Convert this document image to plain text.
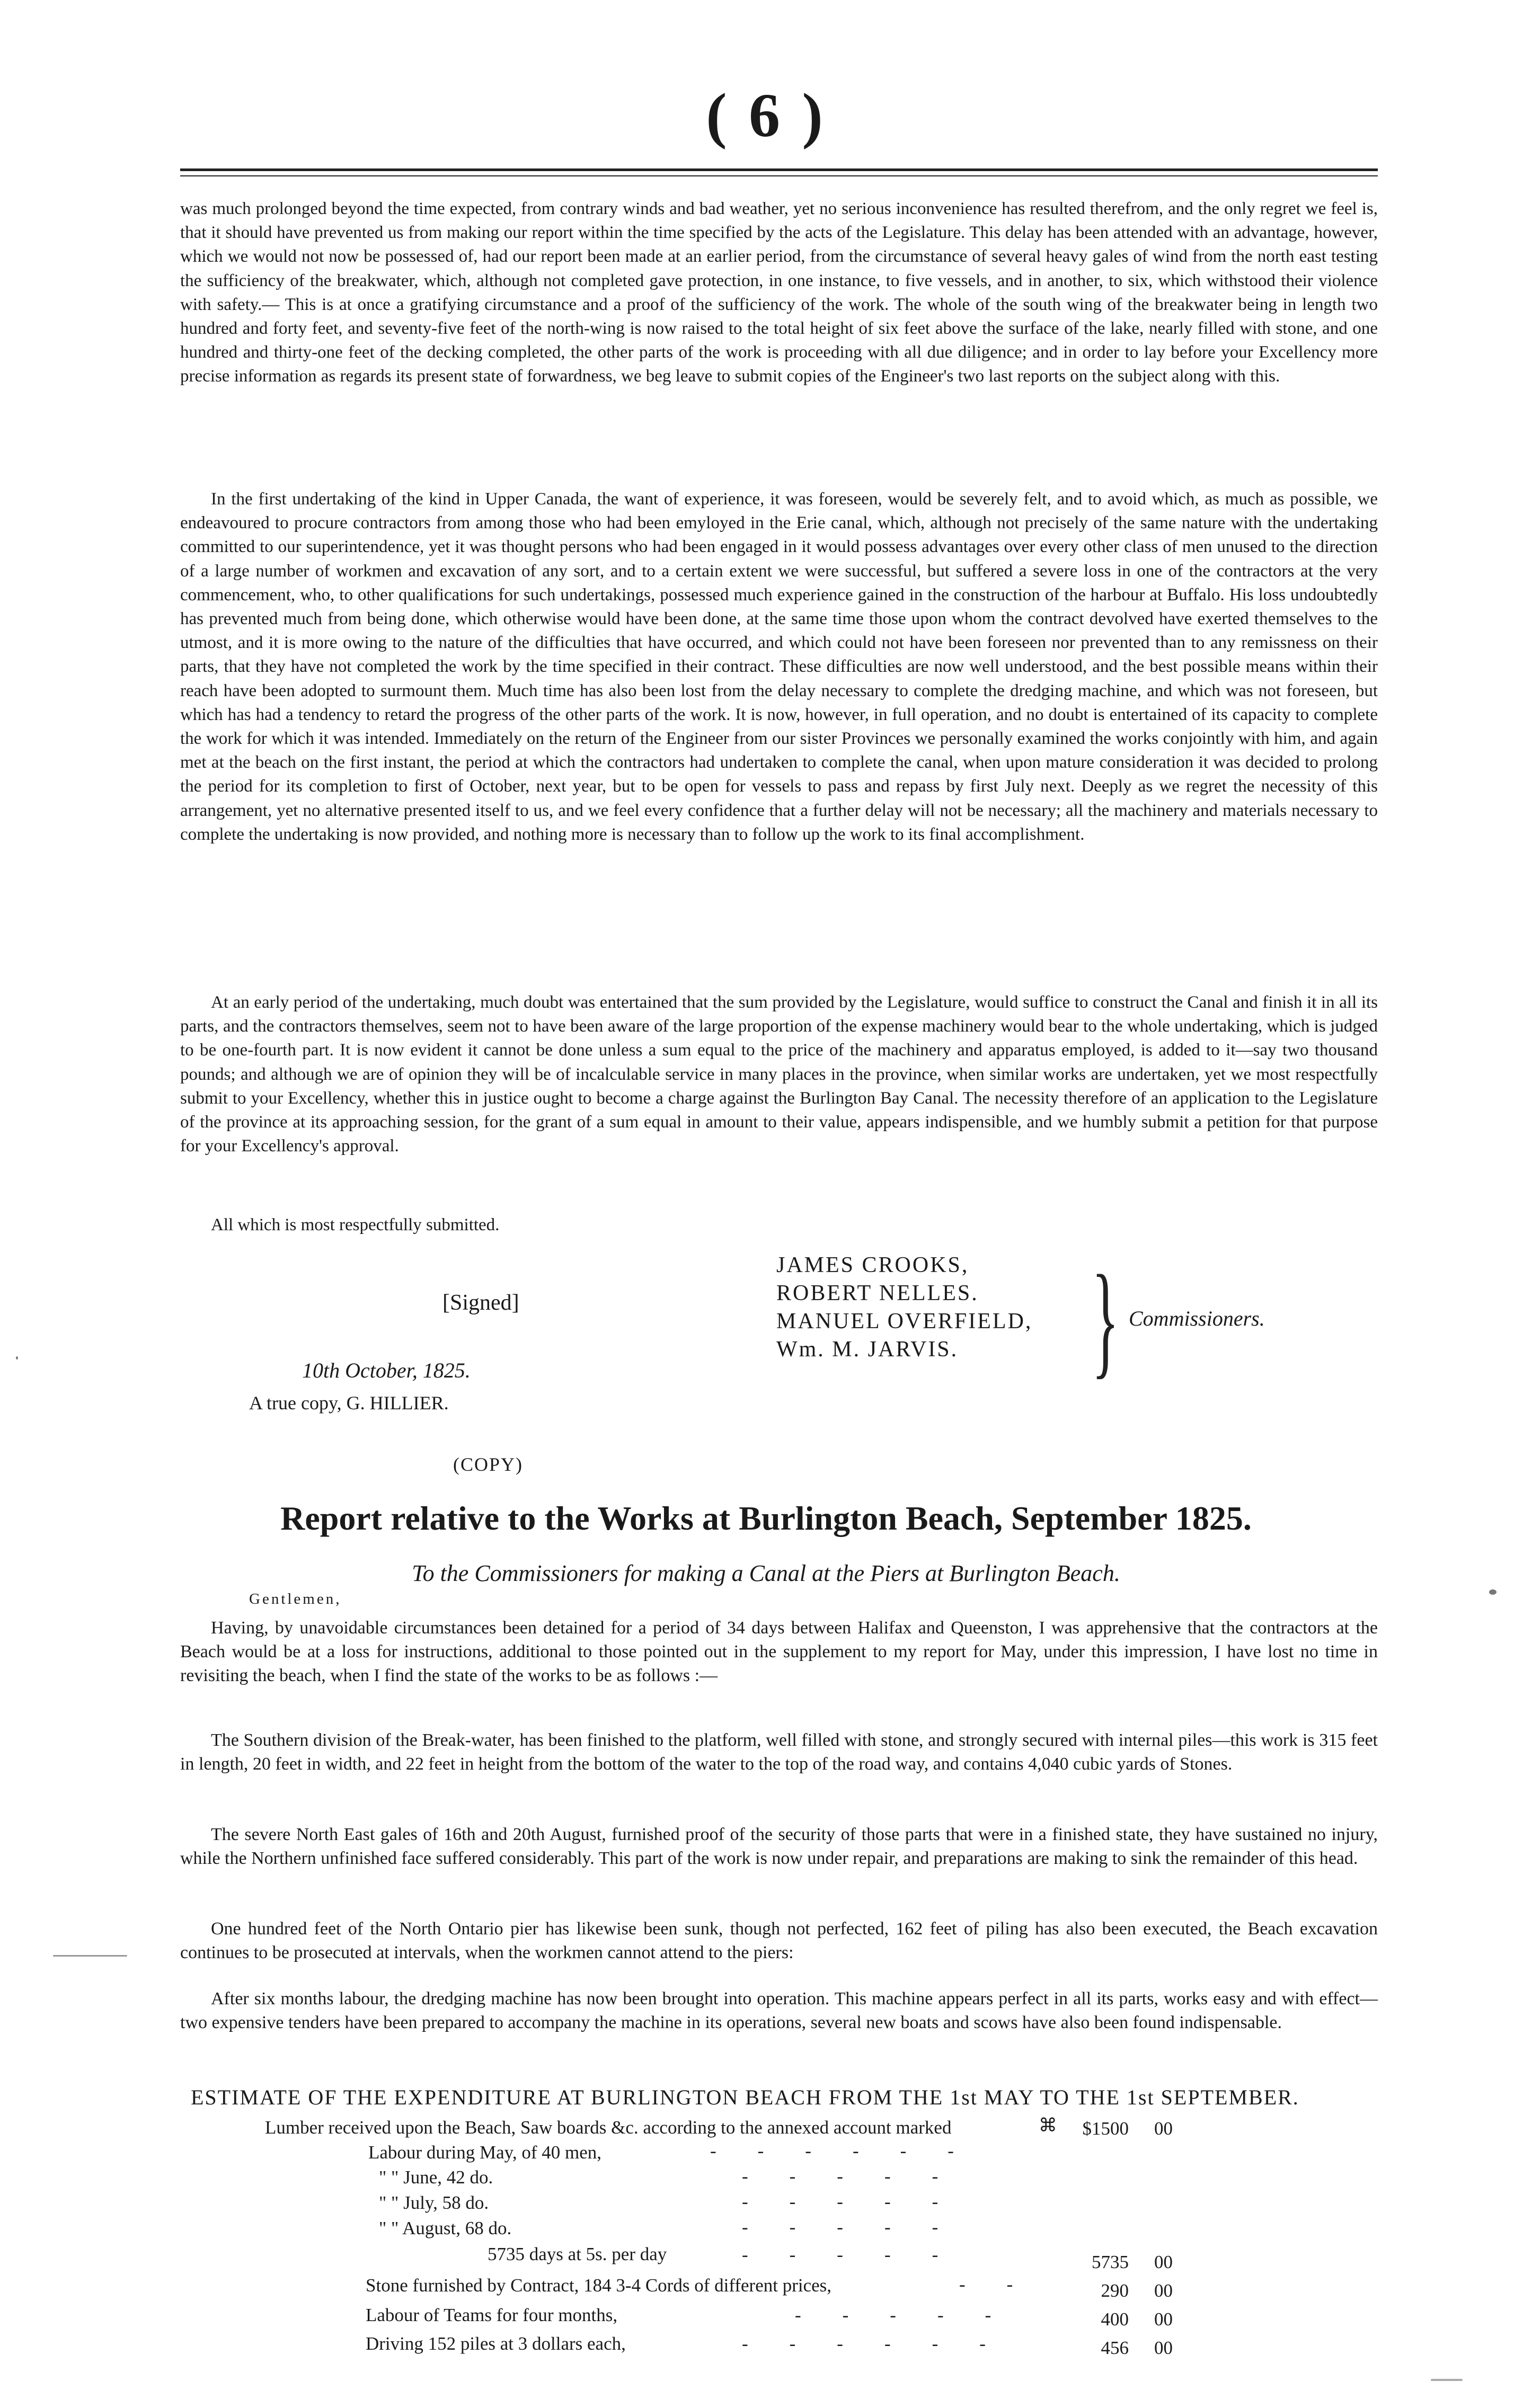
( 6 )

was much prolonged beyond the time expected, from contrary winds and bad weather, yet no serious inconvenience has resulted therefrom, and the only regret we feel is, that it should have prevented us from making our report within the time specified by the acts of the Legislature. This delay has been attended with an advantage, however, which we would not now be possessed of, had our report been made at an earlier period, from the circumstance of several heavy gales of wind from the north east testing the sufficiency of the breakwater, which, although not completed gave protection, in one instance, to five vessels, and in another, to six, which withstood their violence with safety.— This is at once a gratifying circumstance and a proof of the sufficiency of the work. The whole of the south wing of the breakwater being in length two hundred and forty feet, and seventy-five feet of the north-wing is now raised to the total height of six feet above the surface of the lake, nearly filled with stone, and one hundred and thirty-one feet of the decking completed, the other parts of the work is proceeding with all due diligence; and in order to lay before your Excellency more precise information as regards its present state of forwardness, we beg leave to submit copies of the Engineer's two last reports on the subject along with this.

In the first undertaking of the kind in Upper Canada, the want of experience, it was foreseen, would be severely felt, and to avoid which, as much as possible, we endeavoured to procure contractors from among those who had been emyloyed in the Erie canal, which, although not precisely of the same nature with the undertaking committed to our superintendence, yet it was thought persons who had been engaged in it would possess advantages over every other class of men unused to the direction of a large number of workmen and excavation of any sort, and to a certain extent we were successful, but suffered a severe loss in one of the contractors at the very commencement, who, to other qualifications for such undertakings, possessed much experience gained in the construction of the harbour at Buffalo. His loss undoubtedly has prevented much from being done, which otherwise would have been done, at the same time those upon whom the contract devolved have exerted themselves to the utmost, and it is more owing to the nature of the difficulties that have occurred, and which could not have been foreseen nor prevented than to any remissness on their parts, that they have not completed the work by the time specified in their contract. These difficulties are now well understood, and the best possible means within their reach have been adopted to surmount them. Much time has also been lost from the delay necessary to complete the dredging machine, and which was not foreseen, but which has had a tendency to retard the progress of the other parts of the work. It is now, however, in full operation, and no doubt is entertained of its capacity to complete the work for which it was intended. Immediately on the return of the Engineer from our sister Provinces we personally examined the works conjointly with him, and again met at the beach on the first instant, the period at which the contractors had undertaken to complete the canal, when upon mature consideration it was decided to prolong the period for its completion to first of October, next year, but to be open for vessels to pass and repass by first July next. Deeply as we regret the necessity of this arrangement, yet no alternative presented itself to us, and we feel every confidence that a further delay will not be necessary; all the machinery and materials necessary to complete the undertaking is now provided, and nothing more is necessary than to follow up the work to its final accomplishment.

At an early period of the undertaking, much doubt was entertained that the sum provided by the Legislature, would suffice to construct the Canal and finish it in all its parts, and the contractors themselves, seem not to have been aware of the large proportion of the expense machinery would bear to the whole undertaking, which is judged to be one-fourth part. It is now evident it cannot be done unless a sum equal to the price of the machinery and apparatus employed, is added to it—say two thousand pounds; and although we are of opinion they will be of incalculable service in many places in the province, when similar works are undertaken, yet we most respectfully submit to your Excellency, whether this in justice ought to become a charge against the Burlington Bay Canal. The necessity therefore of an application to the Legislature of the province at its approaching session, for the grant of a sum equal in amount to their value, appears indispensible, and we humbly submit a petition for that purpose for your Excellency's approval.

All which is most respectfully submitted.

[Signed]
JAMES CROOKS,
ROBERT NELLES.
MANUEL OVERFIELD,
Wm. M. JARVIS.	} Commissioners.
10th October, 1825.
A true copy, G. HILLIER.
(COPY)
Report relative to the Works at Burlington Beach, September 1825.
To the Commissioners for making a Canal at the Piers at Burlington Beach.
Gentlemen,

Having, by unavoidable circumstances been detained for a period of 34 days between Halifax and Queenston, I was apprehensive that the contractors at the Beach would be at a loss for instructions, additional to those pointed out in the supplement to my report for May, under this impression, I have lost no time in revisiting the beach, when I find the state of the works to be as follows :—

The Southern division of the Break-water, has been finished to the platform, well filled with stone, and strongly secured with internal piles—this work is 315 feet in length, 20 feet in width, and 22 feet in height from the bottom of the water to the top of the road way, and contains 4,040 cubic yards of Stones.

The severe North East gales of 16th and 20th August, furnished proof of the security of those parts that were in a finished state, they have sustained no injury, while the Northern unfinished face suffered considerably. This part of the work is now under repair, and preparations are making to sink the remainder of this head.

One hundred feet of the North Ontario pier has likewise been sunk, though not perfected, 162 feet of piling has also been executed, the Beach excavation continues to be prosecuted at intervals, when the workmen cannot attend to the piers:

After six months labour, the dredging machine has now been brought into operation. This machine appears perfect in all its parts, works easy and with effect—two expensive tenders have been prepared to accompany the machine in its operations, several new boats and scows have also been found indispensable.

ESTIMATE OF THE EXPENDITURE AT BURLINGTON BEACH FROM THE 1st MAY TO THE 1st SEPTEMBER.
Lumber received upon the Beach, Saw boards &c. according to the annexed account marked	⌘	$1500 00
Labour during May, of 40 men,
" " June, 42 do.
" " July, 58 do.
" " August, 68 do.
5735 days at 5s. per day	5735 00
Stone furnished by Contract, 184 3-4 Cords of different prices,	290 00
Labour of Teams for four months,	400 00
Driving 152 piles at 3 dollars each,	456 00
------
-----
-----
-----
-----
--
-----
------
